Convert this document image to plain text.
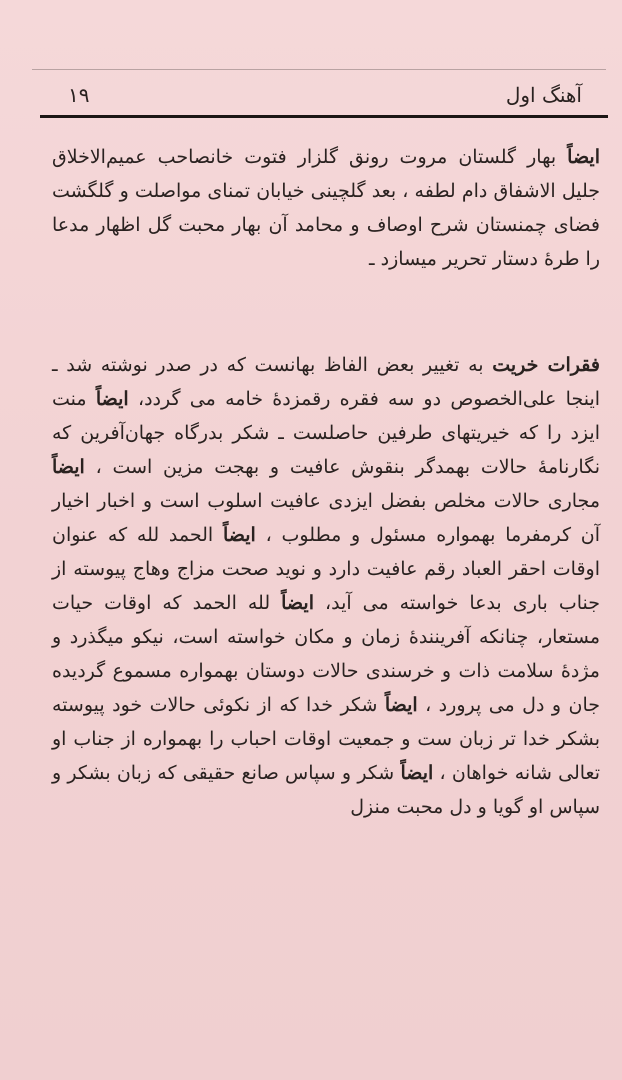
آهنگ اول
۱۹

ایضاً بهار گلستان مروت رونق گلزار فتوت خانصاحب عمیم‌الاخلاق جلیل الاشفاق دام لطفه ، بعد گلچینی خیابان تمنای مواصلت و گلگشت فضای چمنستان شرح اوصاف و محامد آن بهار محبت گل اظهار مدعا را طرهٔ دستار تحریر میسازد ـ

فقرات خریت به تغییر بعض الفاظ بهانست که در صدر نوشته شد ـ اینجا علی‌الخصوص دو سه فقره رقمزدهٔ خامه می گردد، ایضاً منت ایزد را که خیریتهای طرفین حاصلست ـ شکر بدرگاه جهان‌آفرین که نگارنامهٔ حالات بهمدگر بنقوش عافیت و بهجت مزین است ، ایضاً مجاری حالات مخلص بفضل ایزدی عافیت اسلوب است و اخبار اخیار آن کرمفرما بهمواره مسئول و مطلوب ، ایضاً الحمد لله که عنوان اوقات احقر العباد رقم عافیت دارد و نوید صحت مزاج وهاج پیوسته از جناب باری بدعا خواسته می آید، ایضاً لله الحمد که اوقات حیات مستعار، چنانکه آفرینندهٔ زمان و مکان خواسته است، نیکو میگذرد و مژدهٔ سلامت ذات و خرسندی حالات دوستان بهمواره مسموع گردیده جان و دل می پرورد ، ایضاً شکر خدا که از نکوئی حالات خود پیوسته بشکر خدا تر زبان ست و جمعیت اوقات احباب را بهمواره از جناب او تعالی شانه خواهان ، ایضاً شکر و سپاس صانع حقیقی که زبان بشکر و سپاس او گویا و دل محبت منزل
